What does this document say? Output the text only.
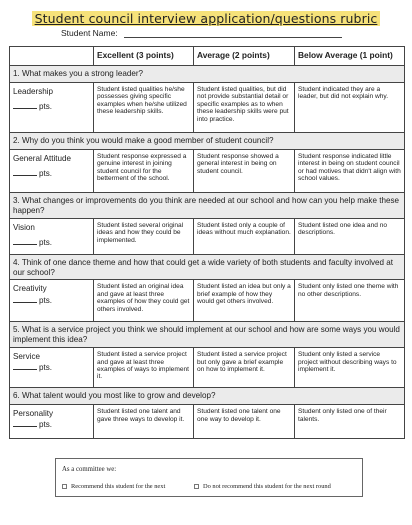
Student council interview application/questions rubric
Student Name:
	Excellent (3 points)	Average (2 points)	Below Average (1 point)
1. What makes you a strong leader?			
Leadership
pts.	Student listed qualities he/she possesses giving specific examples when he/she utilized these leadership skills.	Student listed qualities, but did not provide substantial detail or specific examples as to when these leadership skills were put into practice.	Student indicated they are a leader, but did not explain why.
2. Why do you think you would make a good member of student council?			
General Attitude
pts.	Student response expressed a genuine interest in joining student council for the betterment of the school.	Student response showed a general interest in being on student council.	Student response indicated little interest in being on student council or had motives that didn't align with school values.
3. What changes or improvements do you think are needed at our school and how can you help make these happen?			
Vision
pts.	Student listed several original ideas and how they could be implemented.	Student listed only a couple of ideas without much explanation.	Student listed one idea and no descriptions.
4. Think of one dance theme and how that could get a wide variety of both students and faculty involved at our school?			
Creativity
pts.	Student listed an original idea and gave at least three examples of how they could get others involved.	Student listed an idea but only a brief example of how they would get others involved.	Student only listed one theme with no other descriptions.
5. What is a service project you think we should implement at our school and how are some ways you would implement this idea?			
Service
pts.	Student listed a service project and gave at least three examples of ways to implement it.	Student listed a service project but only gave a brief example on how to implement it.	Student only listed a service project without describing ways to implement it.
6. What talent would you most like to grow and develop?			
Personality
pts.	Student listed one talent and gave three ways to develop it.	Student listed one talent one one way to develop it.	Student only listed one of their talents.
As a committee we:
Recommend this student for the next	Do not recommend this student for the next round
